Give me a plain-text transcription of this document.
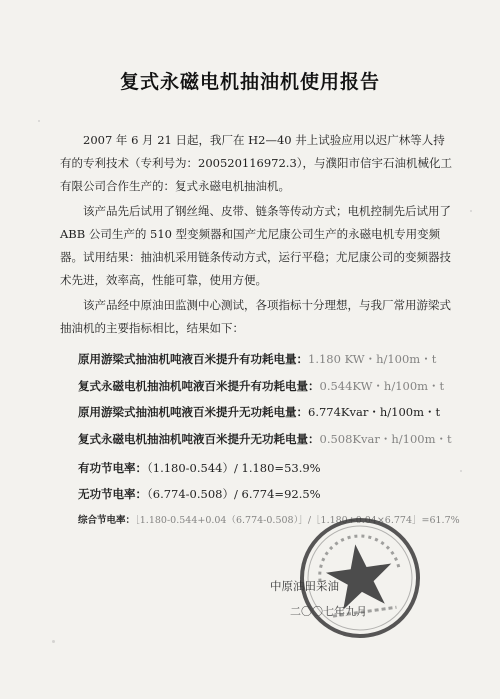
复式永磁电机抽油机使用报告
2007 年 6 月 21 日起，我厂在 H2—40 井上试验应用以迟广林等人持有的专利技术（专利号为：200520116972.3），与濮阳市信宇石油机械化工有限公司合作生产的：复式永磁电机抽油机。
该产品先后试用了钢丝绳、皮带、链条等传动方式；电机控制先后试用了 ABB 公司生产的 510 型变频器和国产尤尼康公司生产的永磁电机专用变频器。试用结果：抽油机采用链条传动方式，运行平稳；尤尼康公司的变频器技术先进，效率高，性能可靠，使用方便。
该产品经中原油田监测中心测试，各项指标十分理想，与我厂常用游梁式抽油机的主要指标相比，结果如下：
原用游梁式抽油机吨液百米提升有功耗电量：1.180 KW・h/100m・t
复式永磁电机抽油机吨液百米提升有功耗电量：0.544KW・h/100m・t
原用游梁式抽油机吨液百米提升无功耗电量：6.774Kvar・h/100m・t
复式永磁电机抽油机吨液百米提升无功耗电量：0.508Kvar・h/100m・t
有功节电率：（1.180-0.544）/ 1.180=53.9%
无功节电率：（6.774-0.508）/ 6.774=92.5%
综合节电率：［1.180-0.544+0.04（6.774-0.508）］/［1.180+0.04×6.774］=61.7%
中原油田采油
二〇〇七年九月
